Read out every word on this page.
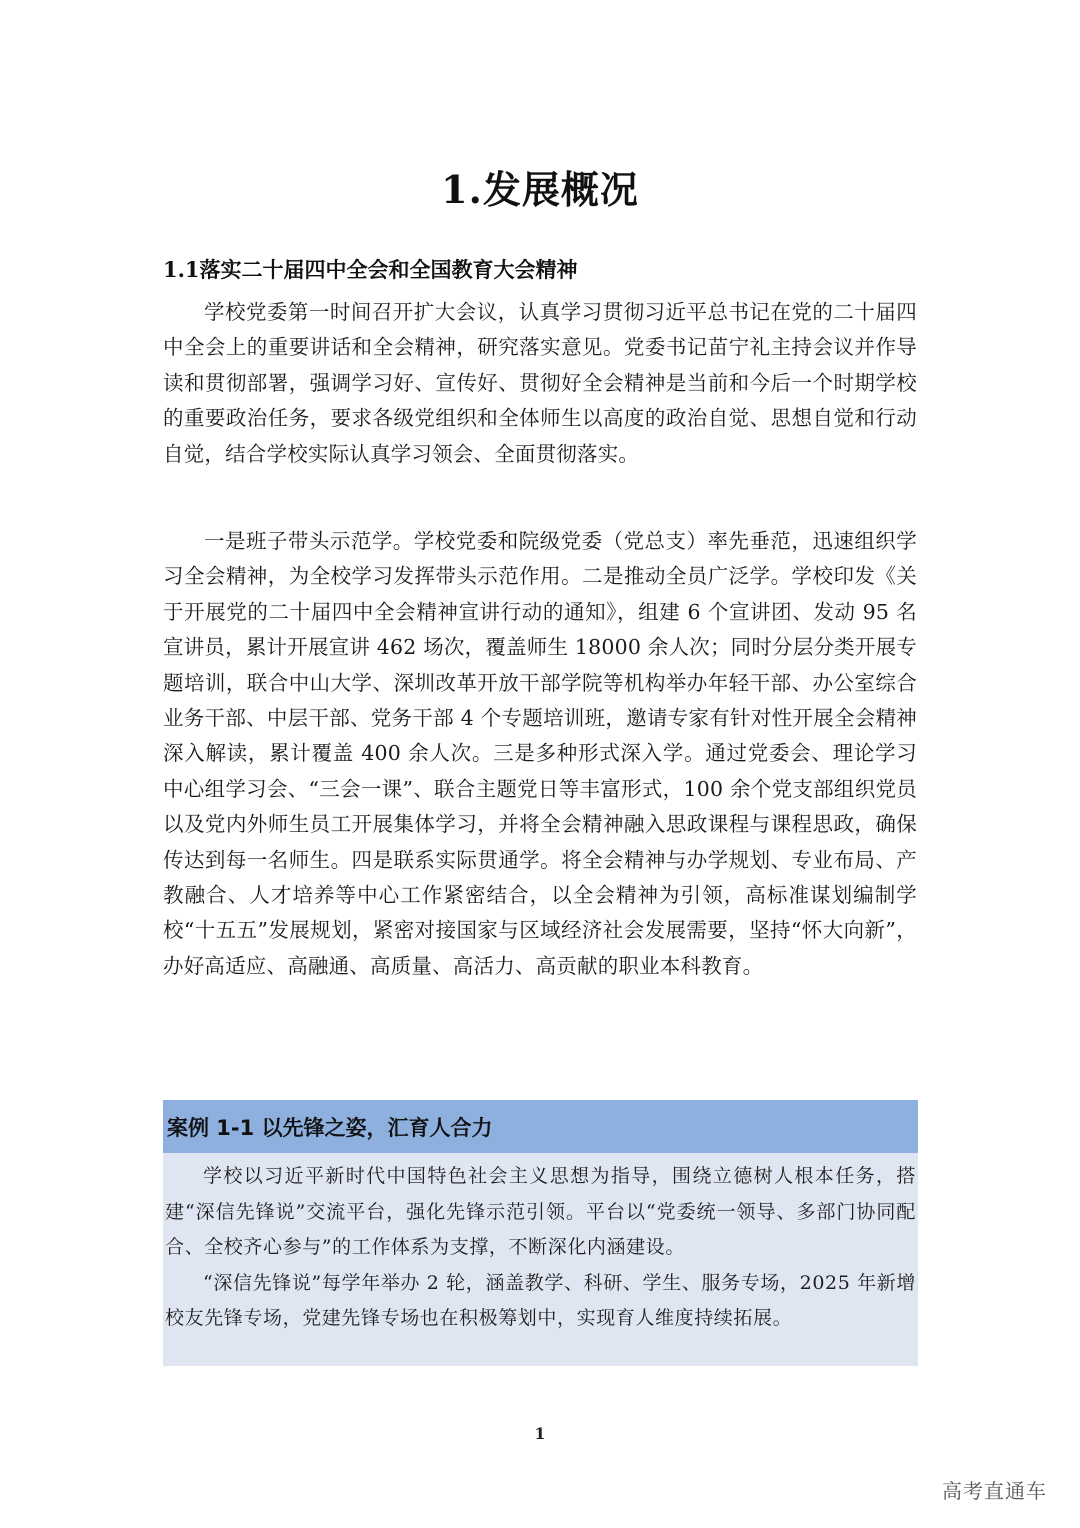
1.发展概况
1.1落实二十届四中全会和全国教育大会精神

学校党委第一时间召开扩大会议，认真学习贯彻习近平总书记在党的二十届四中全会上的重要讲话和全会精神，研究落实意见。党委书记苗宁礼主持会议并作导读和贯彻部署，强调学习好、宣传好、贯彻好全会精神是当前和今后一个时期学校的重要政治任务，要求各级党组织和全体师生以高度的政治自觉、思想自觉和行动自觉，结合学校实际认真学习领会、全面贯彻落实。

一是班子带头示范学。学校党委和院级党委（党总支）率先垂范，迅速组织学习全会精神，为全校学习发挥带头示范作用。二是推动全员广泛学。学校印发《关于开展党的二十届四中全会精神宣讲行动的通知》，组建 6 个宣讲团、发动 95 名宣讲员，累计开展宣讲 462 场次，覆盖师生 18000 余人次；同时分层分类开展专题培训，联合中山大学、深圳改革开放干部学院等机构举办年轻干部、办公室综合业务干部、中层干部、党务干部 4 个专题培训班，邀请专家有针对性开展全会精神深入解读，累计覆盖 400 余人次。三是多种形式深入学。通过党委会、理论学习中心组学习会、“三会一课”、联合主题党日等丰富形式，100 余个党支部组织党员以及党内外师生员工开展集体学习，并将全会精神融入思政课程与课程思政，确保传达到每一名师生。四是联系实际贯通学。将全会精神与办学规划、专业布局、产教融合、人才培养等中心工作紧密结合，以全会精神为引领，高标准谋划编制学校“十五五”发展规划，紧密对接国家与区域经济社会发展需要，坚持“怀大向新”，办好高适应、高融通、高质量、高活力、高贡献的职业本科教育。

案例 1-1 以先锋之姿，汇育人合力

学校以习近平新时代中国特色社会主义思想为指导，围绕立德树人根本任务，搭建“深信先锋说”交流平台，强化先锋示范引领。平台以“党委统一领导、多部门协同配合、全校齐心参与”的工作体系为支撑，不断深化内涵建设。

“深信先锋说”每学年举办 2 轮，涵盖教学、科研、学生、服务专场，2025 年新增校友先锋专场，党建先锋专场也在积极筹划中，实现育人维度持续拓展。

1
高考直通车
